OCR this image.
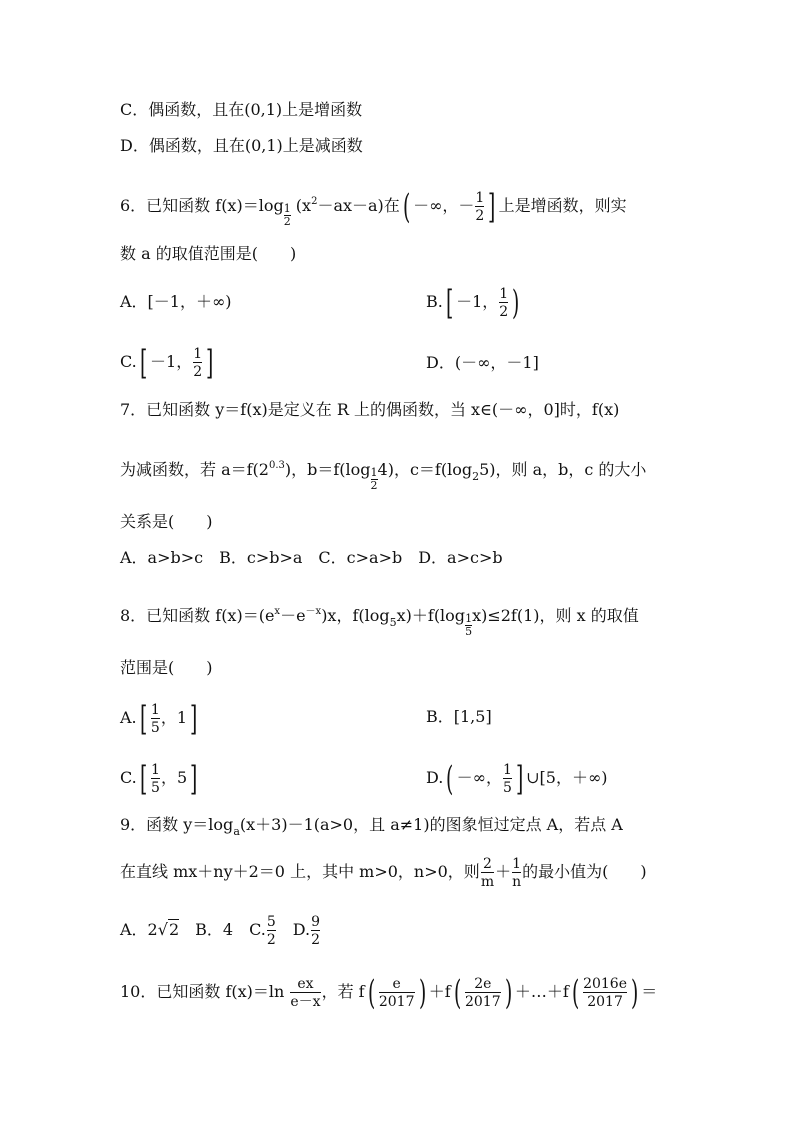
C．偶函数，且在(0,1)上是增函数
D．偶函数，且在(0,1)上是减函数
6．已知函数 $f(x)=\log \frac{1}{2} (x^2-ax-a)$在( －∞，－ $\frac{1}{2}$ ] 上是增函数，则实
数 a 的取值范围是(　　)
A．[－1，＋∞)	B.[ －1， $\frac{1}{2}$ )
C.[ －1， $\frac{1}{2}$ ]	D．(－∞，－1]
7．已知函数 y＝f(x)是定义在 R 上的偶函数，当 x∈(－∞，0]时，f(x)
为减函数，若 $a=f(2^{0.3})$，$b=f(\log \frac{1}{2} 4)$，$c=f(\log_25)$，则 a，b，c 的大小
关系是(　　)
A．a>b>c　B．c>b>a　C．c>a>b　D．a>c>b
8．已知函数 $f(x)=(e^x-e^{-x})x$，$f(\log_5x)+f(\log \frac{1}{5} x)\le 2f(1)$，则 x 的取值
范围是(　　)
$A.[ \frac{1}{5}$ ，1]	B．[1,5]
$C.[ \frac{1}{5}$ ，5]	D.( －∞， $\frac{1}{5}$ ] ∪[5，＋∞)
9．函数 $y=\log_a(x+3)-1(a>0$，且 a≠1)的图象恒过定点 A，若点 A
在直线 mx＋ny＋2＝0 上，其中 m>0，n>0，则 $\frac{2}{m} + \frac{1}{n}$ 的最小值为(　　)
A．2√2　B．4　C. $\frac{5}{2}$ 　D. $\frac{9}{2}$
10．已知函数 $f(x)=\ln \frac{ex}{e-x}$ ，若 $f( \frac{e}{2017}$ ) $+f( \frac{2e}{2017}$ ) ＋…＋f( $\frac{2016e}{2017}$ ) ＝
